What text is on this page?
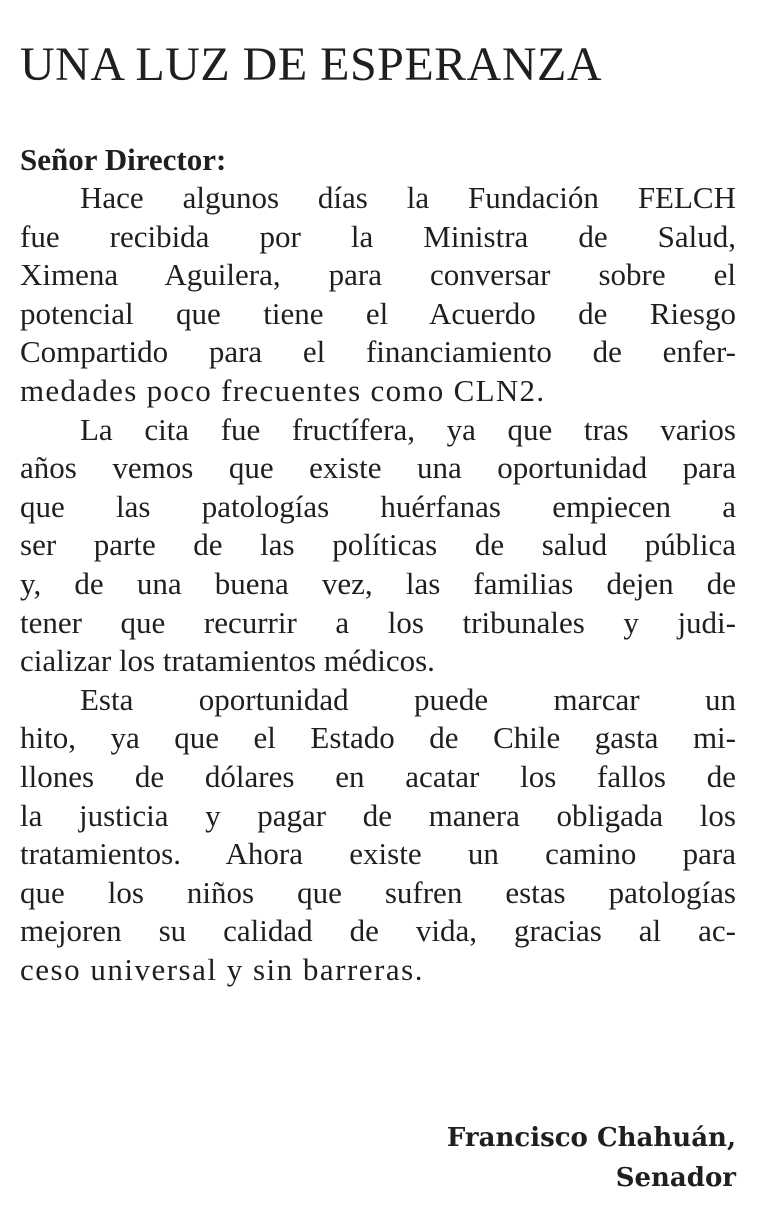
UNA LUZ DE ESPERANZA

Señor Director:

Hace algunos días la Fundación FELCH
fue recibida por la Ministra de Salud,
Ximena Aguilera, para conversar sobre el
potencial que tiene el Acuerdo de Riesgo
Compartido para el financiamiento de enfer-
medades poco frecuentes como CLN2.

La cita fue fructífera, ya que tras varios
años vemos que existe una oportunidad para
que las patologías huérfanas empiecen a
ser parte de las políticas de salud pública
y, de una buena vez, las familias dejen de
tener que recurrir a los tribunales y judi-
cializar los tratamientos médicos.

Esta oportunidad puede marcar un
hito, ya que el Estado de Chile gasta mi-
llones de dólares en acatar los fallos de
la justicia y pagar de manera obligada los
tratamientos. Ahora existe un camino para
que los niños que sufren estas patologías
mejoren su calidad de vida, gracias al ac-
ceso universal y sin barreras.

Francisco Chahuán,
Senador
